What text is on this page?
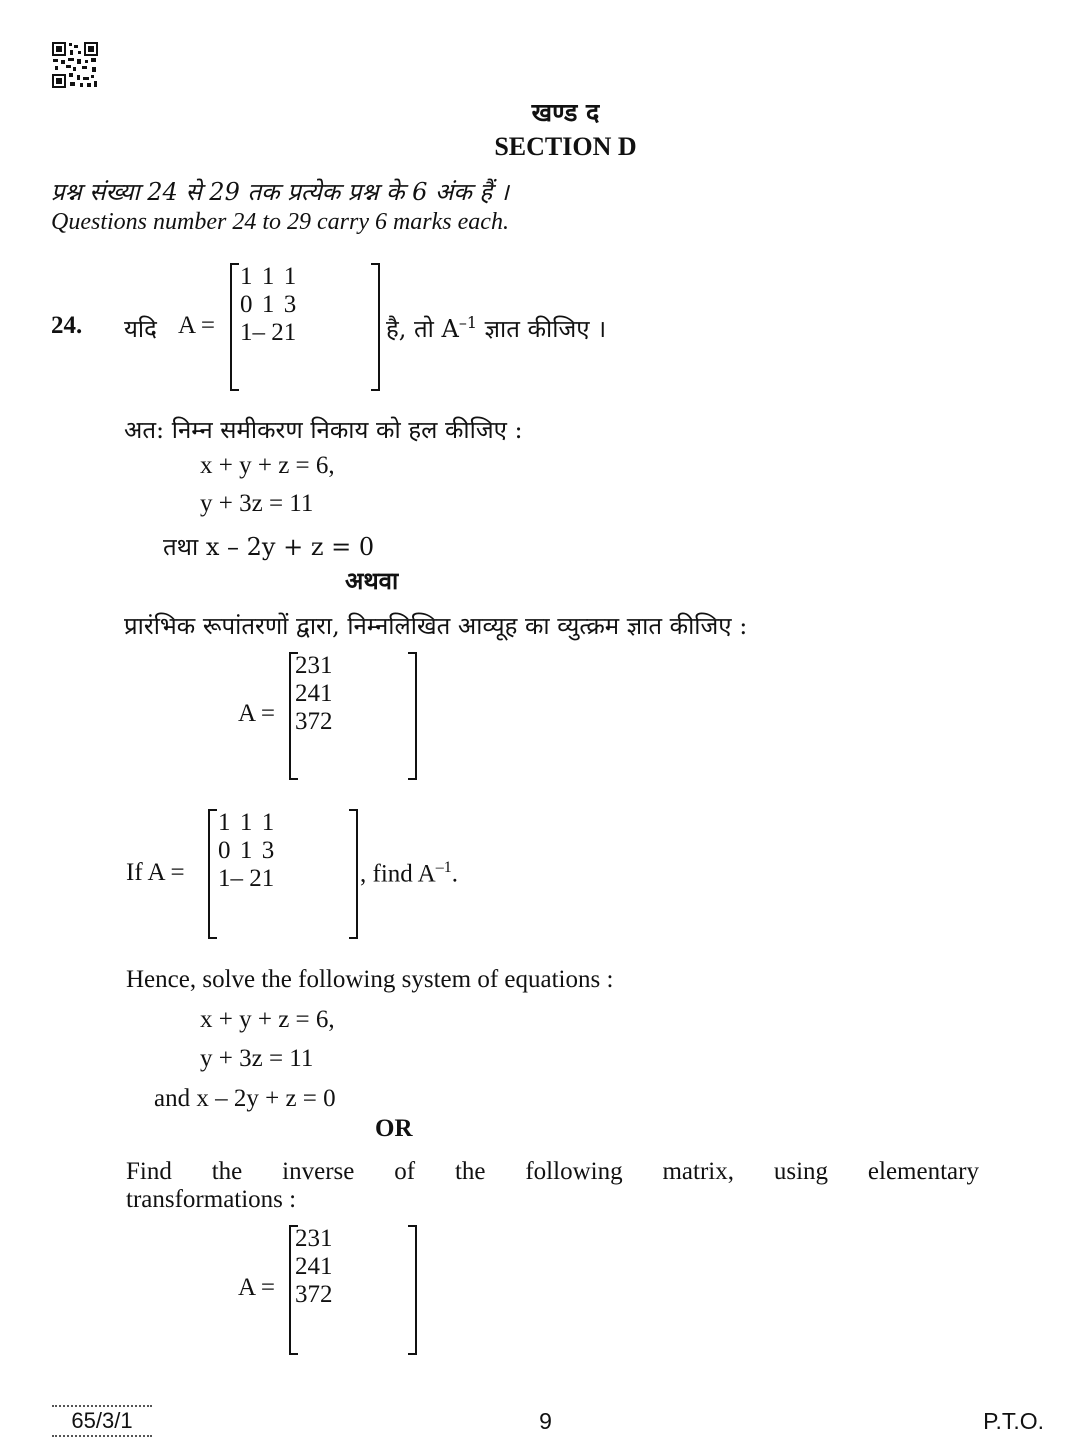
खण्ड द
SECTION D
प्रश्न संख्या 24 से 29 तक प्रत्येक प्रश्न के 6 अंक हैं ।
Questions number 24 to 29 carry 6 marks each.
24. यदि A =
1	1	1
0	1	3
1	– 2	1	है, तो $A^{-1}$ ज्ञात कीजिए ।
अत: निम्न समीकरण निकाय को हल कीजिए :
x + y + z = 6,
y + 3z = 11
तथा x – 2y + z = 0
अथवा
प्रारंभिक रूपांतरणों द्वारा, निम्नलिखित आव्यूह का व्युत्क्रम ज्ञात कीजिए :
A =
2	3	1
2	4	1
3	7	2
If A =
1	1	1
0	1	3
1	– 2	1	, find $A^{-1}$.
Hence, solve the following system of equations :
x + y + z = 6,
y + 3z = 11
and x – 2y + z = 0
OR
Find the inverse of the following matrix, using elementary
transformations :
A =
2	3	1
2	4	1
3	7	2
65/3/1	9	P.T.O.
